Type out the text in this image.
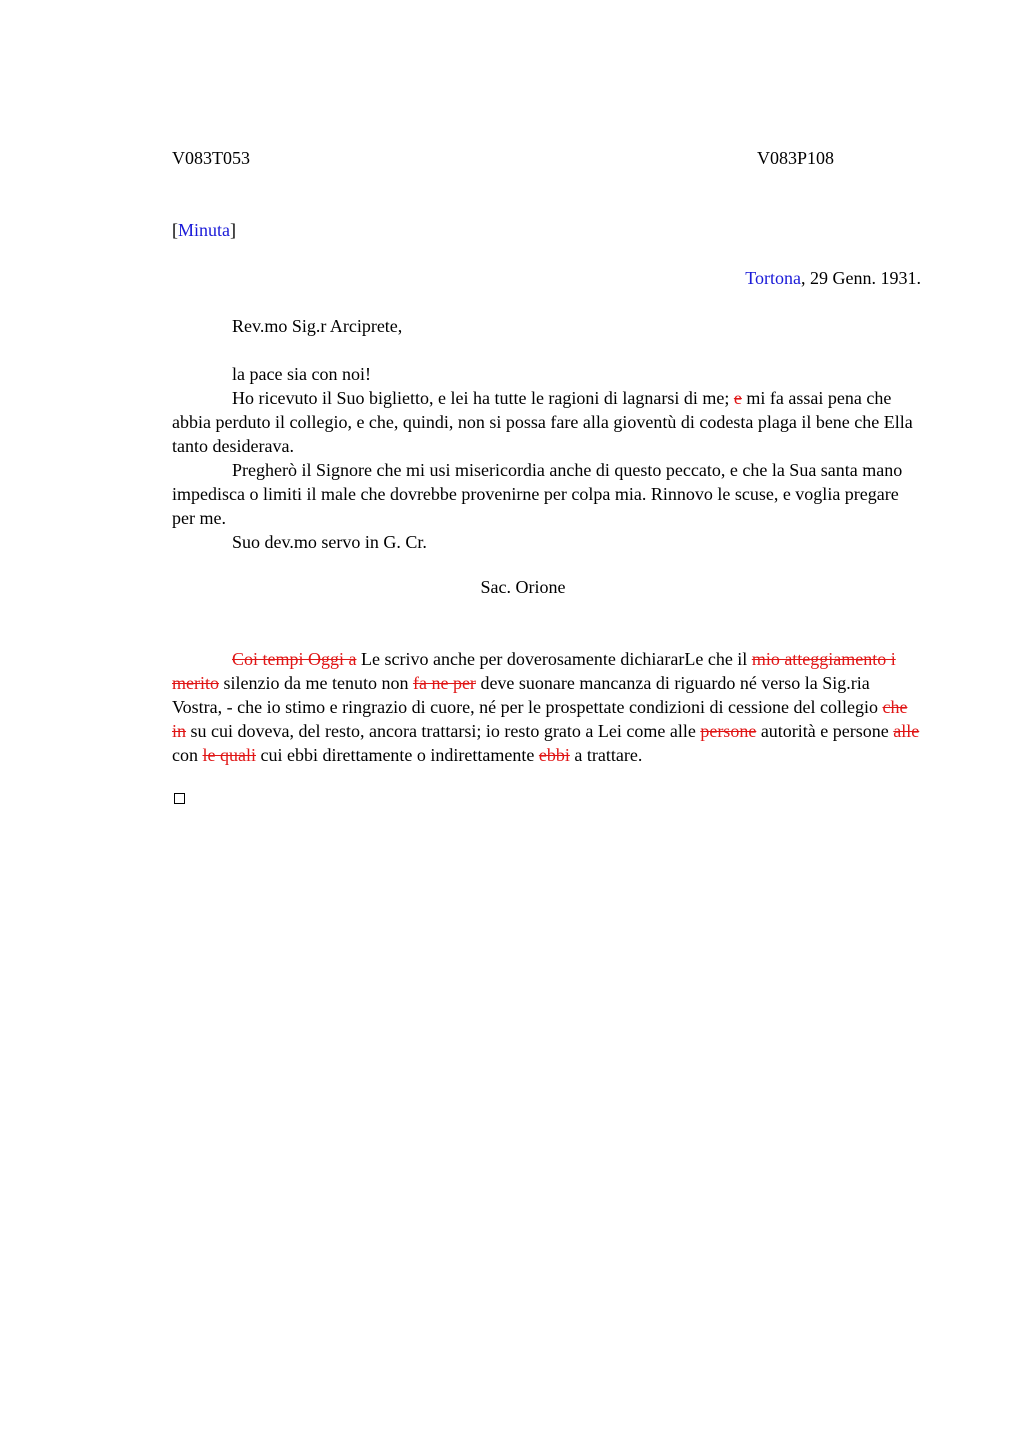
V083T053	V083P108
[Minuta]
Tortona, 29 Genn. 1931.
Rev.mo Sig.r Arciprete,

la pace sia con noi!

Ho ricevuto il Suo biglietto, e lei ha tutte le ragioni di lagnarsi di me; e mi fa assai pena che abbia perduto il collegio, e che, quindi, non si possa fare alla gioventù di codesta plaga il bene che Ella tanto desiderava.

Pregherò il Signore che mi usi misericordia anche di questo peccato, e che la Sua santa mano impedisca o limiti il male che dovrebbe provenirne per colpa mia. Rinnovo le scuse, e voglia pregare per me.

Suo dev.mo servo in G. Cr.

Sac. Orione

Coi tempi Oggi a Le scrivo anche per doverosamente dichiararLe che il mio atteggiamento i merito silenzio da me tenuto non fa ne per deve suonare mancanza di riguardo né verso la Sig.ria Vostra, - che io stimo e ringrazio di cuore, né per le prospettate condizioni di cessione del collegio che in su cui doveva, del resto, ancora trattarsi; io resto grato a Lei come alle persone autorità e persone alle con le quali cui ebbi direttamente o indirettamente ebbi a trattare.
